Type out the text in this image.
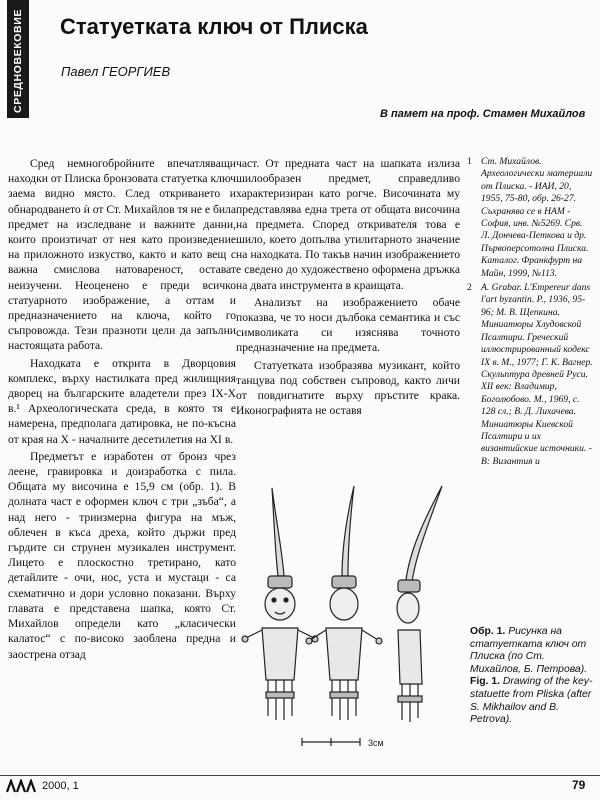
СРЕДНОВЕКОВИЕ Статуетката ключ от Плиска
Павел ГЕОРГИЕВ
В памет на проф. Стамен Михайлов

Сред немногобройните впечатляващи находки от Плиска бронзовата статуетка ключ заема видно място. След откриването и обнародването ѝ от Ст. Михайлов тя не е била предмет на изследване и важните данни, които произтичат от нея като произведение на приложното изкуство, както и като вещ с важна смислова натовареност, остават неизучени. Неоценено е преди всичко статуарното изображение, а оттам и предназначението на ключа, който го съпровожда. Тези празноти цели да запълни настоящата работа.

Находката е открита в Дворцовия комплекс, върху настилката пред жилищния дворец на българските владетели през IX-X в.¹ Археологическата среда, в която тя е намерена, предполага датировка, не по-късна от края на X - началните десетилетия на XI в.

Предметът е изработен от бронз чрез леене, гравировка и доизработка с пила. Общата му височина е 15,9 см (обр. 1). В долната част е оформен ключ с три „зъба“, а над него - триизмерна фигура на мъж, облечен в къса дреха, който държи пред гърдите си струнен музикален инструмент. Лицето е плоскостно третирано, като детайлите - очи, нос, уста и мустаци - са схематично и дори условно показани. Върху главата е представена шапка, която Ст. Михайлов определи като „класически калатос“ с по-високо заоблена предна и заострена отзад

част. От предната част на шапката излиза шилообразен предмет, справедливо характеризиран като рогче. Височината му представлява една трета от общата височина на предмета. Според откривателя това е шило, което допълва утилитарното значение на находката. По такъв начин изображението е сведено до художествено оформена дръжка на двата инструмента в краищата.

Анализът на изображението обаче показва, че то носи дълбока семантика и със символиката си изяснява точното предназначение на предмета.

Статуетката изобразява музикант, който танцува под собствен съпровод, както личи от повдигнатите върху пръстите крака. Иконографията не оставя

1 Ст. Михайлов. Археологически материали от Плиска. - ИАИ, 20, 1955, 75-80, обр. 26-27. Съхранява се в НАМ - София, инв. №5269. Срв. Л. Дончева-Петкова и др. Първоперсотолна Плиска. Каталог. Франкфурт на Майн, 1999, №113.
2 A. Grabar. L'Empereur dans l'art byzantin. P., 1936, 95-96; М. В. Щепкина. Миниатюры Хлудовской Псалтири. Греческий иллюстрированный кодекс IX в. М., 1977; Г. К. Вагнер. Скульптура древней Руси. XII век: Владимир, Боголюбово. М., 1969, с. 128 сл.; В. Д. Лихачева. Миниатюры Киевской Псалтири и их византийские источники. - В: Византия и
3см

Обр. 1. Рисунка на статуетката ключ от Плиска (по Ст. Михайлов, Б. Петрова).

Fig. 1. Drawing of the key-statuette from Pliska (after S. Mikhailov and B. Petrova).

2000, 1	79
